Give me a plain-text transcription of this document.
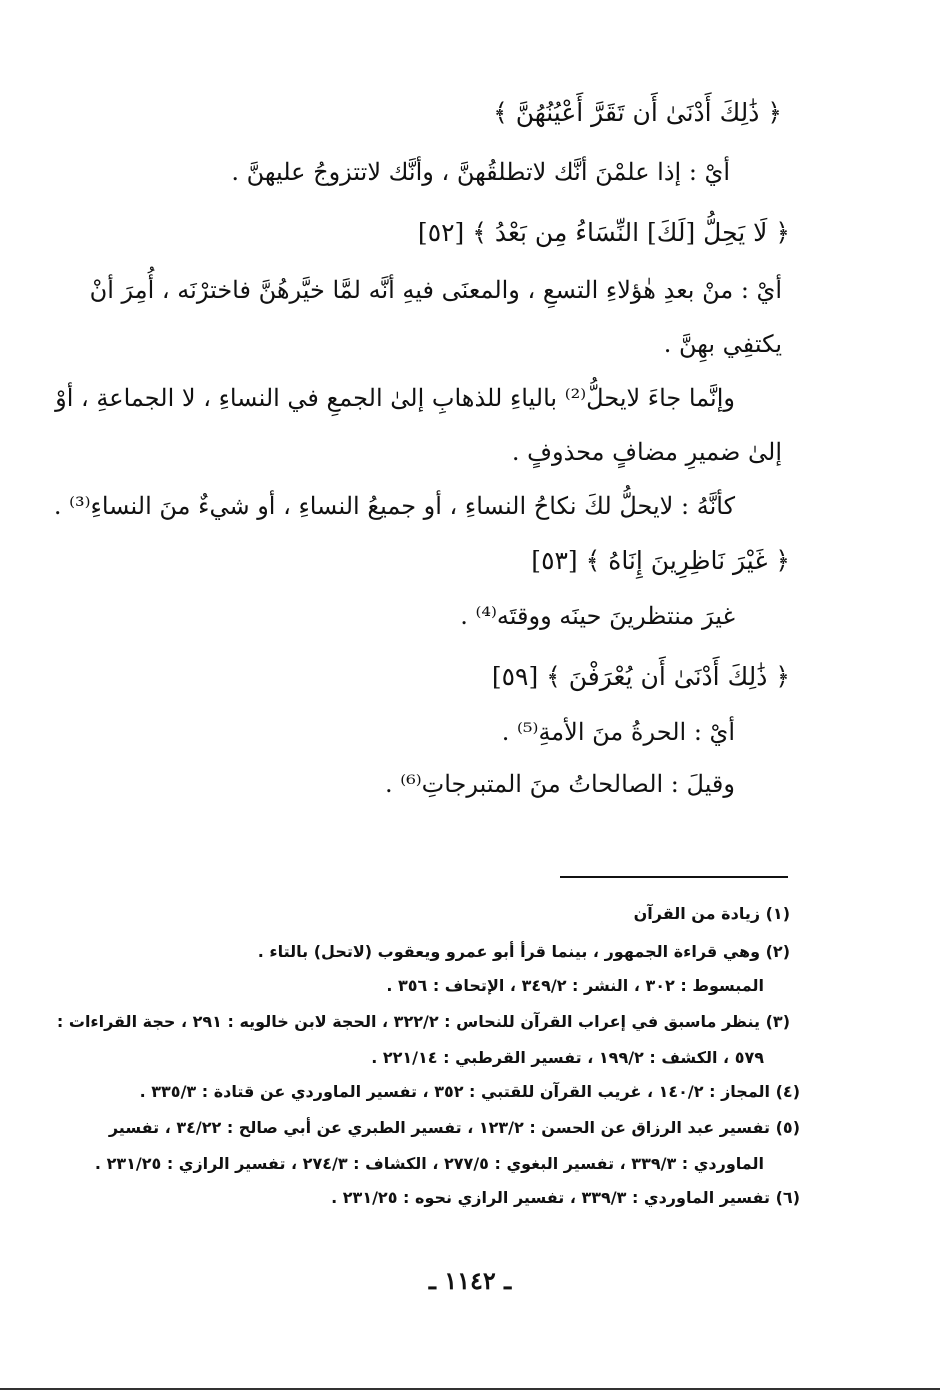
﴿ ذَٰلِكَ أَدْنَىٰ أَن تَقَرَّ أَعْيُنُهُنَّ ﴾
أيْ : إذا علمْنَ أنَّك لاتطلقُهنَّ ، وأنَّك لاتتزوجُ عليهنَّ .
﴿ لَا يَحِلُّ [لَكَ] النِّسَاءُ مِن بَعْدُ ﴾ [٥٢]
أيْ : منْ بعدِ هٰؤلاءِ التسعِ ، والمعنَى فيهِ أنَّه لمَّا خيَّرهُنَّ فاخترْنَه ، أُمِرَ أنْ
يكتفِي بهِنَّ .
وإنَّما جاءَ لايحلُّ⁽²⁾ بالياءِ للذهابِ إلىٰ الجمعِ في النساءِ ، لا الجماعةِ ، أوْ
إلىٰ ضميرِ مضافٍ محذوفٍ .
كأنَّهُ : لايحلُّ لكَ نكاحُ النساءِ ، أو جميعُ النساءِ ، أو شيءٌ منَ النساءِ⁽³⁾ .
﴿ غَيْرَ نَاظِرِينَ إِنَاهُ ﴾ [٥٣]
غيرَ منتظرينَ حينَه ووقتَه⁽⁴⁾ .
﴿ ذَٰلِكَ أَدْنَىٰ أَن يُعْرَفْنَ ﴾ [٥٩]
أيْ : الحرةُ منَ الأمةِ⁽⁵⁾ .
وقيلَ : الصالحاتُ منَ المتبرجاتِ⁽⁶⁾ .
(١) زيادة من القرآن
(٢) وهي قراءة الجمهور ، بينما قرأ أبو عمرو ويعقوب (لاتحل) بالتاء .
المبسوط : ٣٠٢ ، النشر : ٣٤٩/٢ ، الإتحاف : ٣٥٦ .
(٣) ينظر ماسبق في إعراب القرآن للنحاس : ٣٢٢/٢ ، الحجة لابن خالويه : ٢٩١ ، حجة القراءات :
٥٧٩ ، الكشف : ١٩٩/٢ ، تفسير القرطبي : ٢٢١/١٤ .
(٤) المجاز : ١٤٠/٢ ، غريب القرآن للقتبي : ٣٥٢ ، تفسير الماوردي عن قتادة : ٣٣٥/٣ .
(٥) تفسير عبد الرزاق عن الحسن : ١٢٣/٢ ، تفسير الطبري عن أبي صالح : ٣٤/٢٢ ، تفسير
الماوردي : ٣٣٩/٣ ، تفسير البغوي : ٢٧٧/٥ ، الكشاف : ٢٧٤/٣ ، تفسير الرازي : ٢٣١/٢٥ .
(٦) تفسير الماوردي : ٣٣٩/٣ ، تفسير الرازي نحوه : ٢٣١/٢٥ .
ـ ١١٤٢ ـ
